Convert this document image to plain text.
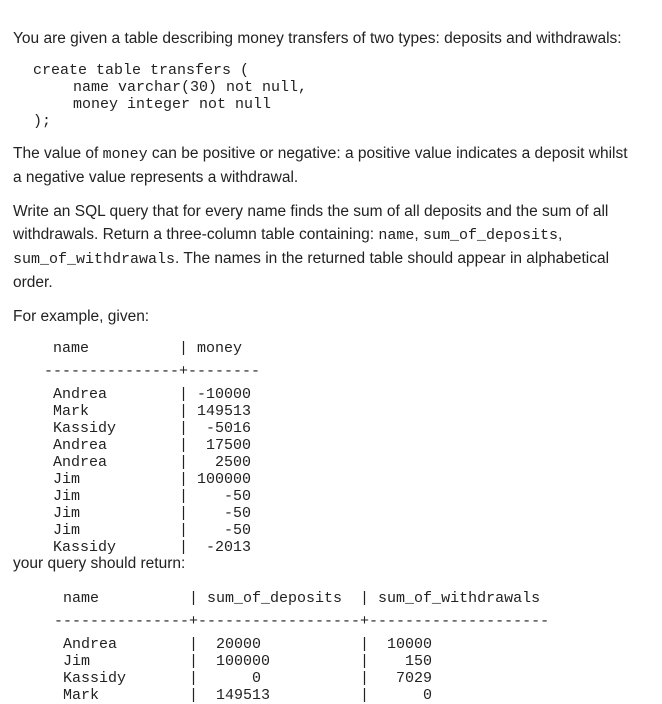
You are given a table describing money transfers of two types: deposits and withdrawals:

create table transfers (
name varchar(30) not null,
money integer not null
);

The value of money can be positive or negative: a positive value indicates a deposit whilst

a negative value represents a withdrawal.

Write an SQL query that for every name finds the sum of all deposits and the sum of all

withdrawals. Return a three-column table containing: name, sum_of_deposits,

sum_of_withdrawals. The names in the returned table should appear in alphabetical

order.

For example, given:

name          | money
---------------+--------
Andrea        | -10000
Mark          | 149513
Kassidy       |  -5016
Andrea        |  17500
Andrea        |   2500
Jim           | 100000
Jim           |    -50
Jim           |    -50
Jim           |    -50
Kassidy       |  -2013

your query should return:

name          | sum_of_deposits  | sum_of_withdrawals
---------------+------------------+--------------------
Andrea        |  20000           |  10000
Jim           |  100000          |    150
Kassidy       |      0           |   7029
Mark          |  149513          |      0
